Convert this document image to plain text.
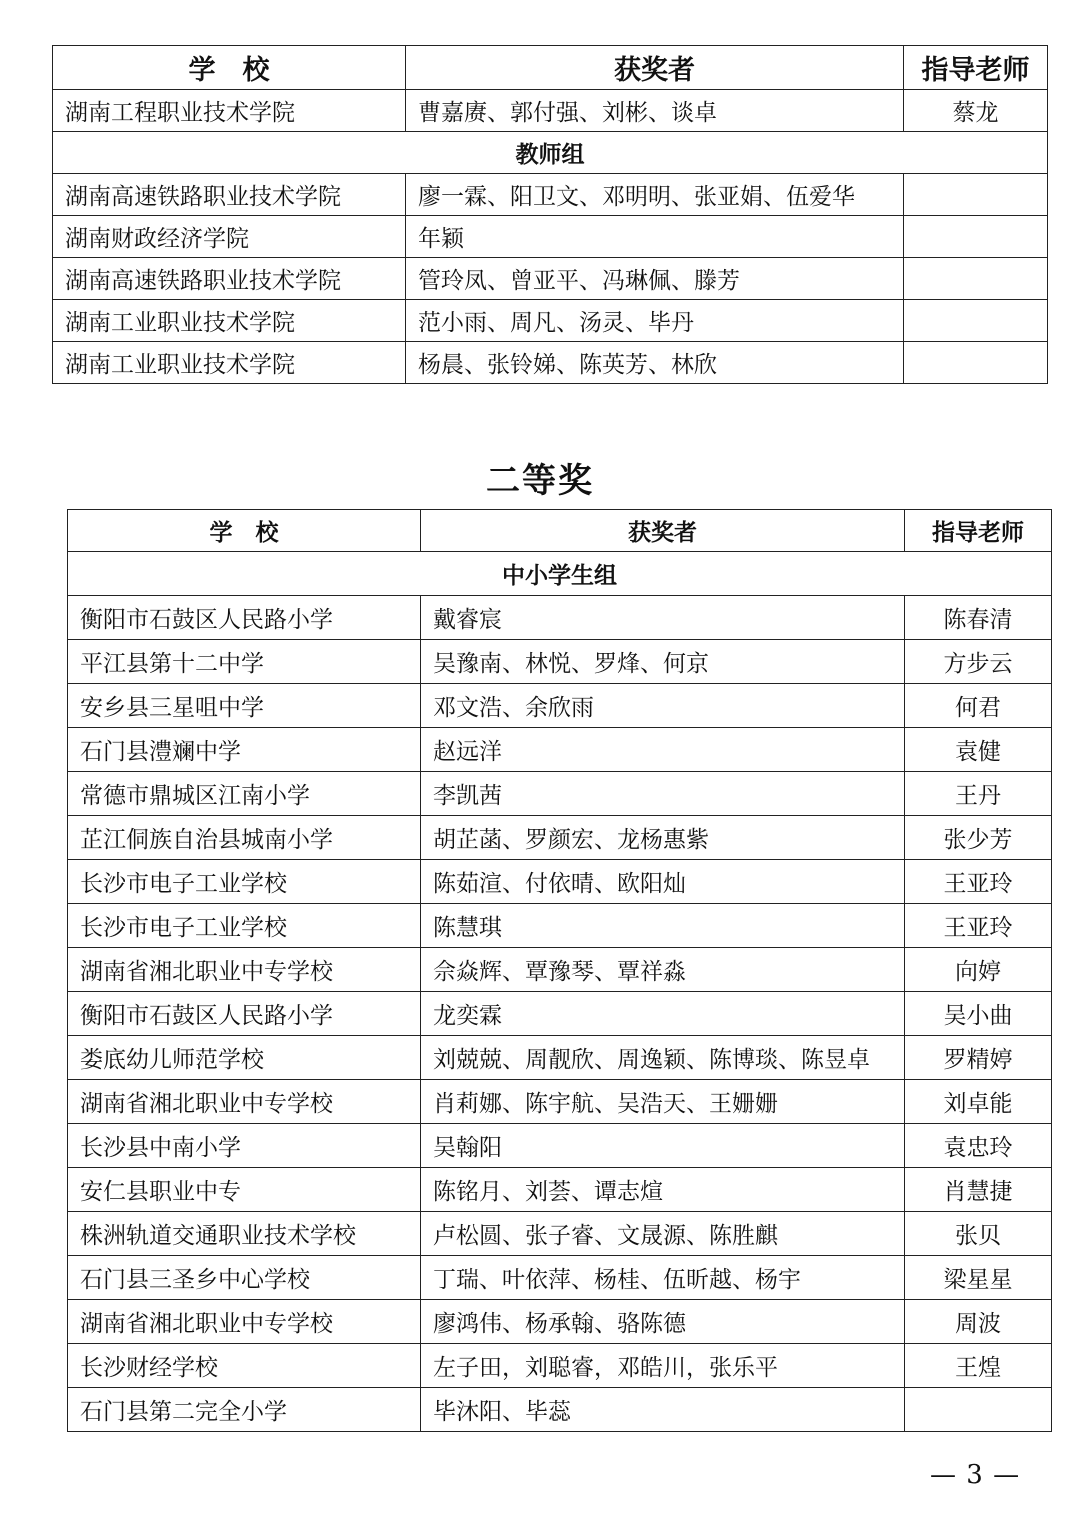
学　校	获奖者	指导老师
湖南工程职业技术学院	曹嘉赓、郭付强、刘彬、谈卓	蔡龙
教师组		
湖南高速铁路职业技术学院	廖一霖、阳卫文、邓明明、张亚娟、伍爱华	
湖南财政经济学院	年颖	
湖南高速铁路职业技术学院	管玲凤、曾亚平、冯琳佩、滕芳	
湖南工业职业技术学院	范小雨、周凡、汤灵、毕丹	
湖南工业职业技术学院	杨晨、张铃娣、陈英芳、林欣	
二等奖
学　校	获奖者	指导老师
中小学生组		
衡阳市石鼓区人民路小学	戴睿宸	陈春清
平江县第十二中学	吴豫南、林悦、罗烽、何京	方步云
安乡县三星咀中学	邓文浩、余欣雨	何君
石门县澧斓中学	赵远洋	袁健
常德市鼎城区江南小学	李凯茜	王丹
芷江侗族自治县城南小学	胡芷菡、罗颜宏、龙杨惠紫	张少芳
长沙市电子工业学校	陈茹渲、付依晴、欧阳灿	王亚玲
长沙市电子工业学校	陈慧琪	王亚玲
湖南省湘北职业中专学校	佘焱辉、覃豫琴、覃祥淼	向婷
衡阳市石鼓区人民路小学	龙奕霖	吴小曲
娄底幼儿师范学校	刘兢兢、周靓欣、周逸颖、陈博琰、陈昱卓	罗精婷
湖南省湘北职业中专学校	肖莉娜、陈宇航、吴浩天、王姗姗	刘卓能
长沙县中南小学	吴翰阳	袁忠玲
安仁县职业中专	陈铭月、刘荟、谭志煊	肖慧捷
株洲轨道交通职业技术学校	卢松圆、张子睿、文晟源、陈胜麒	张贝
石门县三圣乡中心学校	丁瑞、叶依萍、杨桂、伍昕越、杨宇	梁星星
湖南省湘北职业中专学校	廖鸿伟、杨承翰、骆陈德	周波
长沙财经学校	左子田，刘聪睿，邓皓川，张乐平	王煌
石门县第二完全小学	毕沐阳、毕蕊	
— 3 —
